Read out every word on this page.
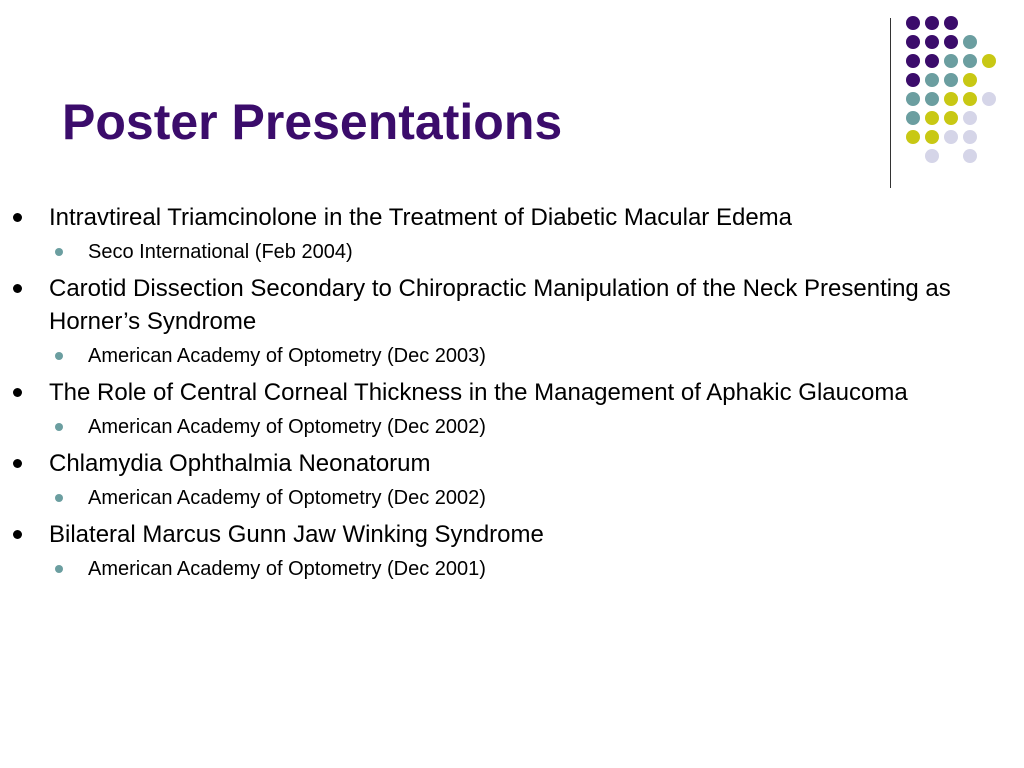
Poster Presentations
Intravtireal Triamcinolone in the Treatment of Diabetic Macular Edema
Seco International (Feb 2004)
Carotid Dissection Secondary to Chiropractic Manipulation of the Neck Presenting as Horner’s Syndrome
American Academy of Optometry (Dec 2003)
The Role of Central Corneal Thickness in the Management of Aphakic Glaucoma
American Academy of Optometry (Dec 2002)
Chlamydia Ophthalmia Neonatorum
American Academy of Optometry (Dec 2002)
Bilateral Marcus Gunn Jaw Winking Syndrome
American Academy of Optometry (Dec 2001)
